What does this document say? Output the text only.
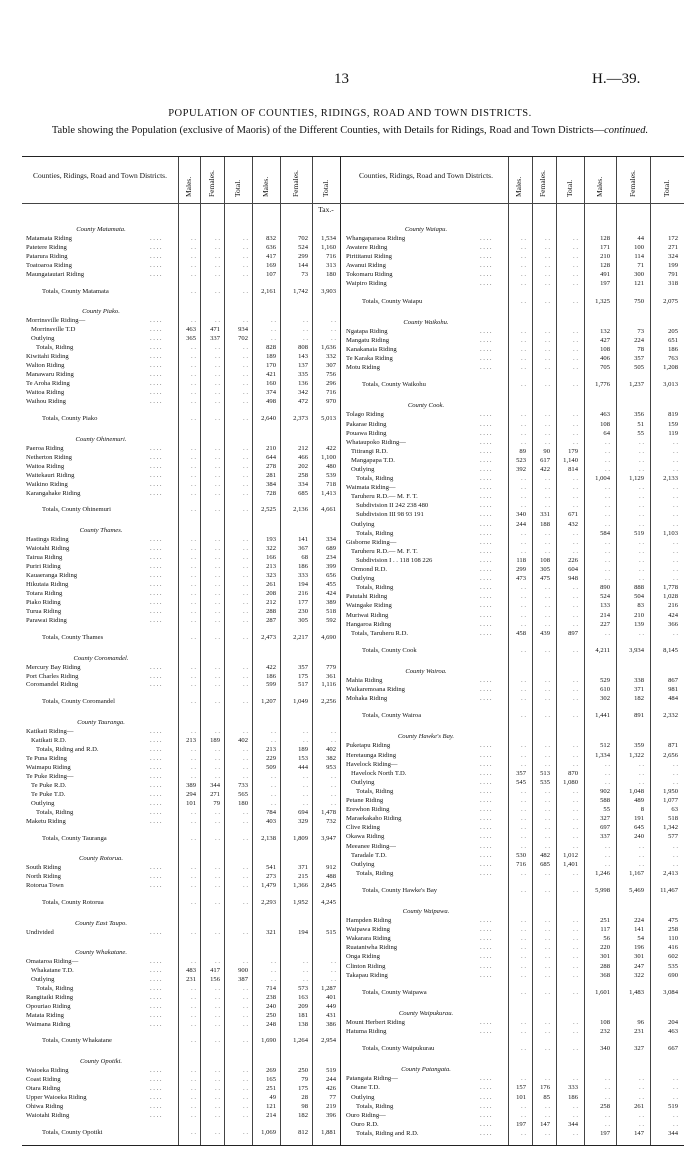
13	H.—39.
POPULATION OF COUNTIES, RIDINGS, ROAD AND TOWN DISTRICTS.
Table showing the Population (exclusive of Maoris) of the Different Counties, with Details for Ridings, Road and Town Districts—continued.
Counties, Ridings, Road and Town Districts.
Males. Females. Total.	Males.	Females.	Total.
Tax.-
Counties, Ridings, Road and Town Districts.
Males. Females. Total.	Males.	Females.	Total.
County Matamata.
. . . .
Matamata Riding	. .	. .	. .	832	702	1,534
. . . .
Patetere Riding	. .	. .	. .	636	524	1,160
. . . .
Patarura Riding	. .	. .	. .	417	299	716
. . . .
Toatoaroa Riding	. .	. .	. .	169	144	313
. . . .
Maungatautari Riding	. .	. .	. .	107	73	180
Totals, County Matamata	. .	. .	. .	2,161	1,742	3,903
County Piako.
. . . .
Morrinsville Riding—	. .	. .	. .	. .	. .	. .
. . . .
Morrinsville T.D	463	471	934	. .	. .	. .
. . . .
Outlying	365	337	702	. .	. .	. .
. . . .
Totals, Riding	. .	. .	. .	828	808	1,636
. . . .
Kiwitahi Riding	. .	. .	. .	189	143	332
. . . .
Walton Riding	. .	. .	. .	170	137	307
. . . .
Manawaru Riding	. .	. .	. .	421	335	756
. . . .
Te Aroha Riding	. .	. .	. .	160	136	296
. . . .
Waitoa Riding	. .	. .	. .	374	342	716
. . . .
Waihou Riding	. .	. .	. .	498	472	970
Totals, County Piako	. .	. .	. .	2,640	2,373	5,013
County Ohinemuri.
. . . .
Paeroa Riding	. .	. .	. .	210	212	422
. . . .
Netherton Riding	. .	. .	. .	644	466	1,100
. . . .
Waitoa Riding	. .	. .	. .	278	202	480
. . . .
Waitekauri Riding	. .	. .	. .	281	258	539
. . . .
Waikino Riding	. .	. .	. .	384	334	718
. . . .
Karangahake Riding	. .	. .	. .	728	685	1,413
Totals, County Ohinemuri	. .	. .	. .	2,525	2,136	4,661
County Thames.
. . . .
Hastings Riding	. .	. .	. .	193	141	334
. . . .
Waiotahi Riding	. .	. .	. .	322	367	689
. . . .
Tairua Riding	. .	. .	. .	166	68	234
. . . .
Puriri Riding	. .	. .	. .	213	186	399
. . . .
Kauaeranga Riding	. .	. .	. .	323	333	656
. . . .
Hikutaia Riding	. .	. .	. .	261	194	455
. . . .
Totara Riding	. .	. .	. .	208	216	424
. . . .
Piako Riding	. .	. .	. .	212	177	389
. . . .
Turua Riding	. .	. .	. .	288	230	518
. . . .
Parawai Riding	. .	. .	. .	287	305	592
Totals, County Thames	. .	. .	. .	2,473	2,217	4,690
County Coromandel.
. . . .
Mercury Bay Riding	. .	. .	. .	422	357	779
. . . .
Port Charles Riding	. .	. .	. .	186	175	361
. . . .
Coromandel Riding	. .	. .	. .	599	517	1,116
Totals, County Coromandel	. .	. .	. .	1,207	1,049	2,256
County Tauranga.
. . . .
Katikati Riding—	. .	. .	. .	. .	. .	. .
. . . .
Katikati R.D.	213	189	402	. .	. .	. .
. . . .
Totals, Riding and R.D.	. .	. .	. .	213	189	402
. . . .
Te Puna Riding	. .	. .	. .	229	153	382
. . . .
Waimapu Riding	. .	. .	. .	509	444	953
. . . .
Te Puke Riding—	. .	. .	. .	. .	. .	. .
. . . .
Te Puke R.D.	389	344	733	. .	. .	. .
. . . .
Te Puke T.D.	294	271	565	. .	. .	. .
. . . .
Outlying	101	79	180	. .	. .	. .
. . . .
Totals, Riding	. .	. .	. .	784	694	1,478
. . . .
Maketu Riding	. .	. .	. .	403	329	732
Totals, County Tauranga	. .	. .	. .	2,138	1,809	3,947
County Rotorua.
. . . .
South Riding	. .	. .	. .	541	371	912
. . . .
North Riding	. .	. .	. .	273	215	488
. . . .
Rotorua Town	. .	. .	. .	1,479	1,366	2,845
Totals, County Rotorua	. .	. .	. .	2,293	1,952	4,245
County East Taupo.
. . . .
Undivided	. .	. .	. .	321	194	515
County Whakatane.
. . . .
Omataroa Riding—	. .	. .	. .	. .	. .	. .
. . . .
Whakatane T.D.	483	417	900	. .	. .	. .
. . . .
Outlying	231	156	387	. .	. .	. .
. . . .
Totals, Riding	. .	. .	. .	714	573	1,287
. . . .
Rangitaiki Riding	. .	. .	. .	238	163	401
. . . .
Opouriao Riding	. .	. .	. .	240	209	449
. . . .
Matata Riding	. .	. .	. .	250	181	431
. . . .
Waimana Riding	. .	. .	. .	248	138	386
Totals, County Whakatane	. .	. .	. .	1,690	1,264	2,954
County Opotiki.
. . . .
Waioeka Riding	. .	. .	. .	269	250	519
. . . .
Coast Riding	. .	. .	. .	165	79	244
. . . .
Otara Riding	. .	. .	. .	251	175	426
. . . .
Upper Waioeka Riding	. .	. .	. .	49	28	77
. . . .
Ohiwa Riding	. .	. .	. .	121	98	219
. . . .
Waiotahi Riding	. .	. .	. .	214	182	396
Totals, County Opotiki	. .	. .	. .	1,069	812	1,881
County Waiapu.
. . . .
Whangaparaoa Riding	. .	. .	. .	128	44	172
. . . .
Awatere Riding	. .	. .	. .	171	100	271
. . . .
Pirititanui Riding	. .	. .	. .	210	114	324
. . . .
Awanui Riding	. .	. .	. .	128	71	199
. . . .
Tokomaru Riding	. .	. .	. .	491	300	791
. . . .
Waipiro Riding	. .	. .	. .	197	121	318
Totals, County Waiapu	. .	. .	. .	1,325	750	2,075
County Waikohu.
. . . .
Ngatapa Riding	. .	. .	. .	132	73	205
. . . .
Mangatu Riding	. .	. .	. .	427	224	651
. . . .
Kanakanaia Riding	. .	. .	. .	108	78	186
. . . .
Te Karaka Riding	. .	. .	. .	406	357	763
. . . .
Motu Riding	. .	. .	. .	705	505	1,208
Totals, County Waikohu	. .	. .	. .	1,776	1,237	3,013
County Cook.
. . . .
Tolago Riding	. .	. .	. .	463	356	819
. . . .
Pakarae Riding	. .	. .	. .	108	51	159
. . . .
Pouawa Riding	. .	. .	. .	64	55	119
. . . .
Whataupoko Riding—	. .	. .	. .	. .	. .	. .
. . . .
Titirangi R.D.	89	90	179	. .	. .	. .
. . . .
Mangapapa T.D.	523	617	1,140	. .	. .	. .
. . . .
Outlying	392	422	814	. .	. .	. .
. . . .
Totals, Riding	. .	. .	. .	1,004	1,129	2,133
. . . .
Waimata Riding—	. .	. .	. .	. .	. .	. .
. . . .
Taruheru R.D.— M. F. T.	. .	. .	. .	. .	. .	. .
. . . .
Subdivision II 242 238 480	. .	. .	. .	. .	. .	. .
. . . .
Subdivision III 98 93 191	340	331	671	. .	. .	. .
. . . .
Outlying	244	188	432	. .	. .	. .
. . . .
Totals, Riding	. .	. .	. .	584	519	1,103
. . . .
Gisborne Riding—	. .	. .	. .	. .	. .	. .
. . . .
Taruheru R.D.— M. F. T.	. .	. .	. .	. .	. .	. .
. . . .
Subdivision I . . 118 108 226	118	108	226	. .	. .	. .
. . . .
Ormond R.D.	299	305	604	. .	. .	. .
. . . .
Outlying	473	475	948	. .	. .	. .
. . . .
Totals, Riding	. .	. .	. .	890	888	1,778
. . . .
Patutahi Riding	. .	. .	. .	524	504	1,028
. . . .
Waingake Riding	. .	. .	. .	133	83	216
. . . .
Muriwai Riding	. .	. .	. .	214	210	424
. . . .
Hangaroa Riding	. .	. .	. .	227	139	366
. . . .
Totals, Taruheru R.D.	458	439	897	. .	. .	. .
Totals, County Cook	. .	. .	. .	4,211	3,934	8,145
County Wairoa.
. . . .
Mahia Riding	. .	. .	. .	529	338	867
. . . .
Waikaremoana Riding	. .	. .	. .	610	371	981
. . . .
Mohaka Riding	. .	. .	. .	302	182	484
Totals, County Wairoa	. .	. .	. .	1,441	891	2,332
County Hawke's Bay.
. . . .
Puketapu Riding	. .	. .	. .	512	359	871
. . . .
Heretaunga Riding	. .	. .	. .	1,334	1,322	2,656
. . . .
Havelock Riding—	. .	. .	. .	. .	. .	. .
. . . .
Havelock North T.D.	357	513	870	. .	. .	. .
. . . .
Outlying	545	535	1,080	. .	. .	. .
. . . .
Totals, Riding	. .	. .	. .	902	1,048	1,950
. . . .
Petane Riding	. .	. .	. .	588	489	1,077
. . . .
Erewhon Riding	. .	. .	. .	55	8	63
. . . .
Maraekakaho Riding	. .	. .	. .	327	191	518
. . . .
Clive Riding	. .	. .	. .	697	645	1,342
. . . .
Okawa Riding	. .	. .	. .	337	240	577
. . . .
Meeanee Riding—	. .	. .	. .	. .	. .	. .
. . . .
Taradale T.D.	530	482	1,012	. .	. .	. .
. . . .
Outlying	716	685	1,401	. .	. .	. .
. . . .
Totals, Riding	. .	. .	. .	1,246	1,167	2,413
Totals, County Hawke's Bay	. .	. .	. .	5,998	5,469	11,467
County Waipawa.
. . . .
Hampden Riding	. .	. .	. .	251	224	475
. . . .
Waipawa Riding	. .	. .	. .	117	141	258
. . . .
Wakarara Riding	. .	. .	. .	56	54	110
. . . .
Ruataniwha Riding	. .	. .	. .	220	196	416
. . . .
Onga Riding	. .	. .	. .	301	301	602
. . . .
Clinton Riding	. .	. .	. .	288	247	535
. . . .
Takapau Riding	. .	. .	. .	368	322	690
Totals, County Waipawa	. .	. .	. .	1,601	1,483	3,084
County Waipukurau.
. . . .
Mount Herbert Riding	. .	. .	. .	108	96	204
. . . .
Hatuma Riding	. .	. .	. .	232	231	463
Totals, County Waipukurau	. .	. .	. .	340	327	667
County Patangata.
. . . .
Patangata Riding—	. .	. .	. .	. .	. .	. .
. . . .
Otane T.D.	157	176	333	. .	. .	. .
. . . .
Outlying	101	85	186	. .	. .	. .
. . . .
Totals, Riding	. .	. .	. .	258	261	519
. . . .
Ouro Riding—	. .	. .	. .	. .	. .	. .
. . . .
Ouro R.D.	197	147	344	. .	. .	. .
. . . .
Totals, Riding and R.D.	. .	. .	. .	197	147	344
